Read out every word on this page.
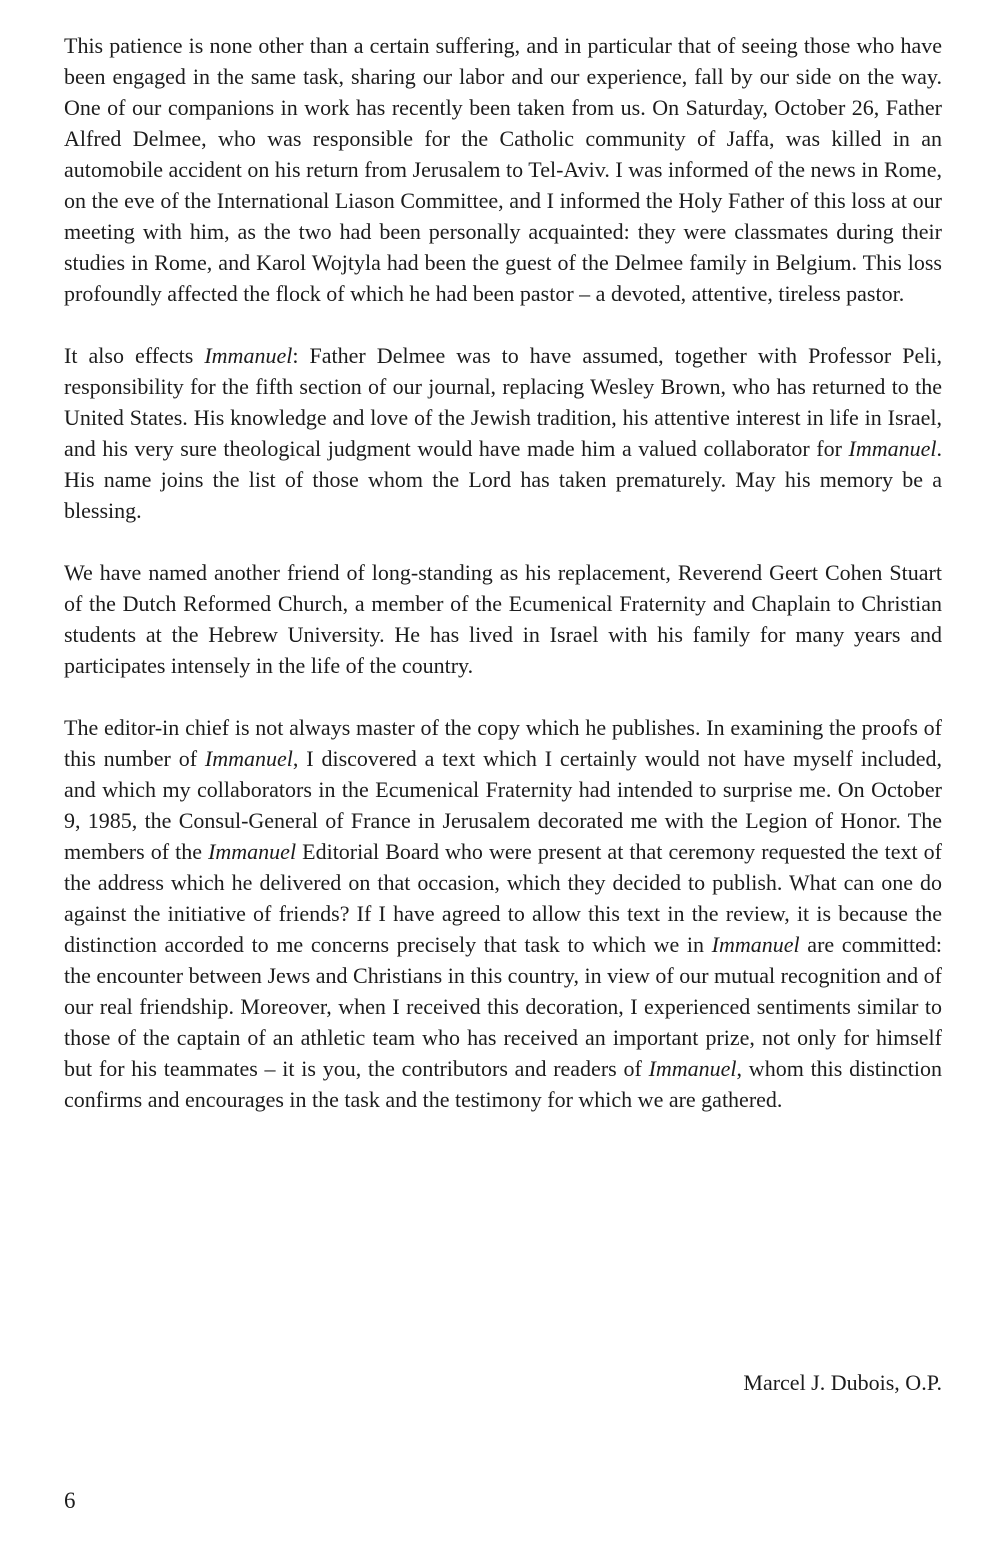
This patience is none other than a certain suffering, and in particular that of seeing those who have been engaged in the same task, sharing our labor and our experience, fall by our side on the way. One of our companions in work has recently been taken from us. On Saturday, October 26, Father Alfred Delmee, who was responsible for the Catholic community of Jaffa, was killed in an automobile accident on his return from Jerusalem to Tel-Aviv. I was informed of the news in Rome, on the eve of the International Liason Committee, and I informed the Holy Father of this loss at our meeting with him, as the two had been personally acquainted: they were classmates during their studies in Rome, and Karol Wojtyla had been the guest of the Delmee family in Belgium. This loss profoundly affected the flock of which he had been pastor – a devoted, attentive, tireless pastor.

It also effects Immanuel: Father Delmee was to have assumed, together with Professor Peli, responsibility for the fifth section of our journal, replacing Wesley Brown, who has returned to the United States. His knowledge and love of the Jewish tradition, his attentive interest in life in Israel, and his very sure theological judgment would have made him a valued collaborator for Immanuel. His name joins the list of those whom the Lord has taken prematurely. May his memory be a blessing.

We have named another friend of long-standing as his replacement, Reverend Geert Cohen Stuart of the Dutch Reformed Church, a member of the Ecumenical Fraternity and Chaplain to Christian students at the Hebrew University. He has lived in Israel with his family for many years and participates intensely in the life of the country.

The editor-in chief is not always master of the copy which he publishes. In examining the proofs of this number of Immanuel, I discovered a text which I certainly would not have myself included, and which my collaborators in the Ecumenical Fraternity had intended to surprise me. On October 9, 1985, the Consul-General of France in Jerusalem decorated me with the Legion of Honor. The members of the Immanuel Editorial Board who were present at that ceremony requested the text of the address which he delivered on that occasion, which they decided to publish. What can one do against the initiative of friends? If I have agreed to allow this text in the review, it is because the distinction accorded to me concerns precisely that task to which we in Immanuel are committed: the encounter between Jews and Christians in this country, in view of our mutual recognition and of our real friendship. Moreover, when I received this decoration, I experienced sentiments similar to those of the captain of an athletic team who has received an important prize, not only for himself but for his teammates – it is you, the contributors and readers of Immanuel, whom this distinction confirms and encourages in the task and the testimony for which we are gathered.

Marcel J. Dubois, O.P.
6
